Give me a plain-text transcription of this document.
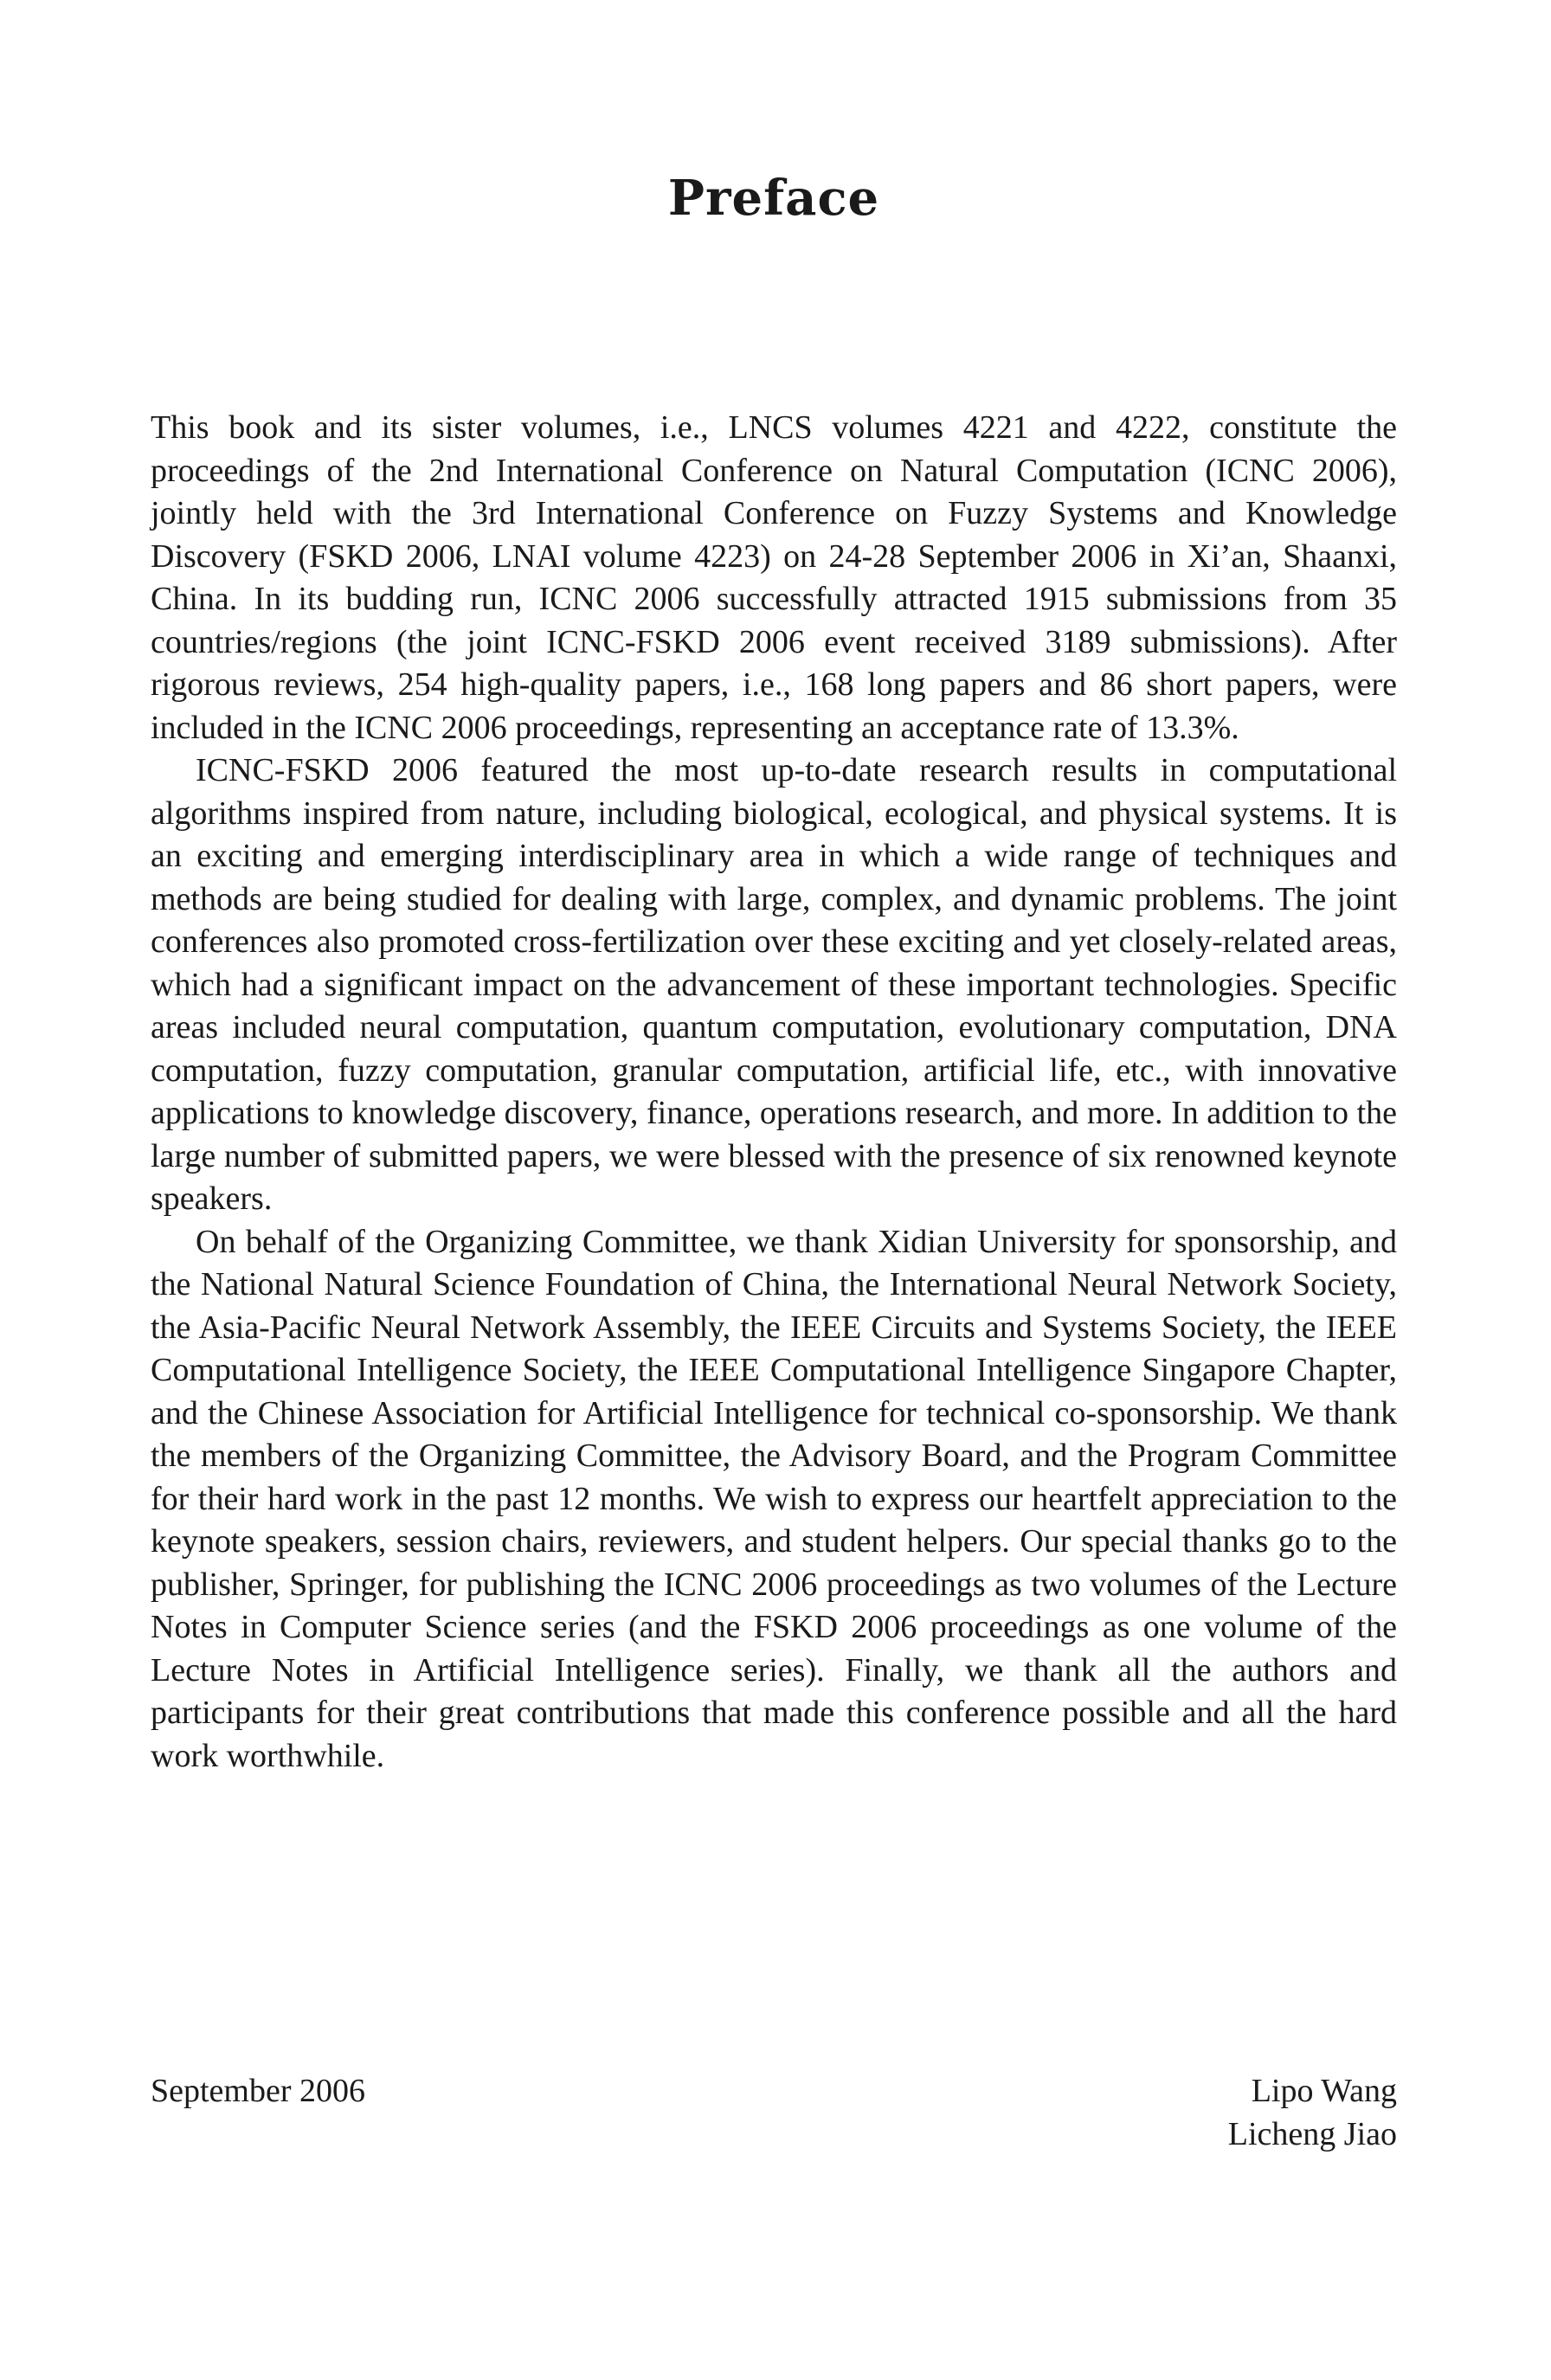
Preface

This book and its sister volumes, i.e., LNCS volumes 4221 and 4222, constitute the proceedings of the 2nd International Conference on Natural Computation (ICNC 2006), jointly held with the 3rd International Conference on Fuzzy Systems and Knowledge Discovery (FSKD 2006, LNAI volume 4223) on 24-28 September 2006 in Xi’an, Shaanxi, China. In its budding run, ICNC 2006 successfully attracted 1915 submissions from 35 countries/regions (the joint ICNC-FSKD 2006 event received 3189 submissions). After rigorous reviews, 254 high-quality papers, i.e., 168 long papers and 86 short papers, were included in the ICNC 2006 proceedings, representing an acceptance rate of 13.3%.

ICNC-FSKD 2006 featured the most up-to-date research results in computational algorithms inspired from nature, including biological, ecological, and physical systems. It is an exciting and emerging interdisciplinary area in which a wide range of techniques and methods are being studied for dealing with large, complex, and dynamic problems. The joint conferences also promoted cross-fertilization over these exciting and yet closely-related areas, which had a significant impact on the advancement of these important technologies. Specific areas included neural computation, quantum computation, evolutionary computation, DNA computation, fuzzy computation, granular computation, artificial life, etc., with innovative applications to knowledge discovery, finance, operations research, and more. In addition to the large number of submitted papers, we were blessed with the presence of six renowned keynote speakers.

On behalf of the Organizing Committee, we thank Xidian University for sponsorship, and the National Natural Science Foundation of China, the International Neural Network Society, the Asia-Pacific Neural Network Assembly, the IEEE Circuits and Systems Society, the IEEE Computational Intelligence Society, the IEEE Computational Intelligence Singapore Chapter, and the Chinese Association for Artificial Intelligence for technical co-sponsorship. We thank the members of the Organizing Committee, the Advisory Board, and the Program Committee for their hard work in the past 12 months. We wish to express our heartfelt appreciation to the keynote speakers, session chairs, reviewers, and student helpers. Our special thanks go to the publisher, Springer, for publishing the ICNC 2006 proceedings as two volumes of the Lecture Notes in Computer Science series (and the FSKD 2006 proceedings as one volume of the Lecture Notes in Artificial Intelligence series). Finally, we thank all the authors and participants for their great contributions that made this conference possible and all the hard work worthwhile.

September 2006	Lipo Wang
Licheng Jiao
